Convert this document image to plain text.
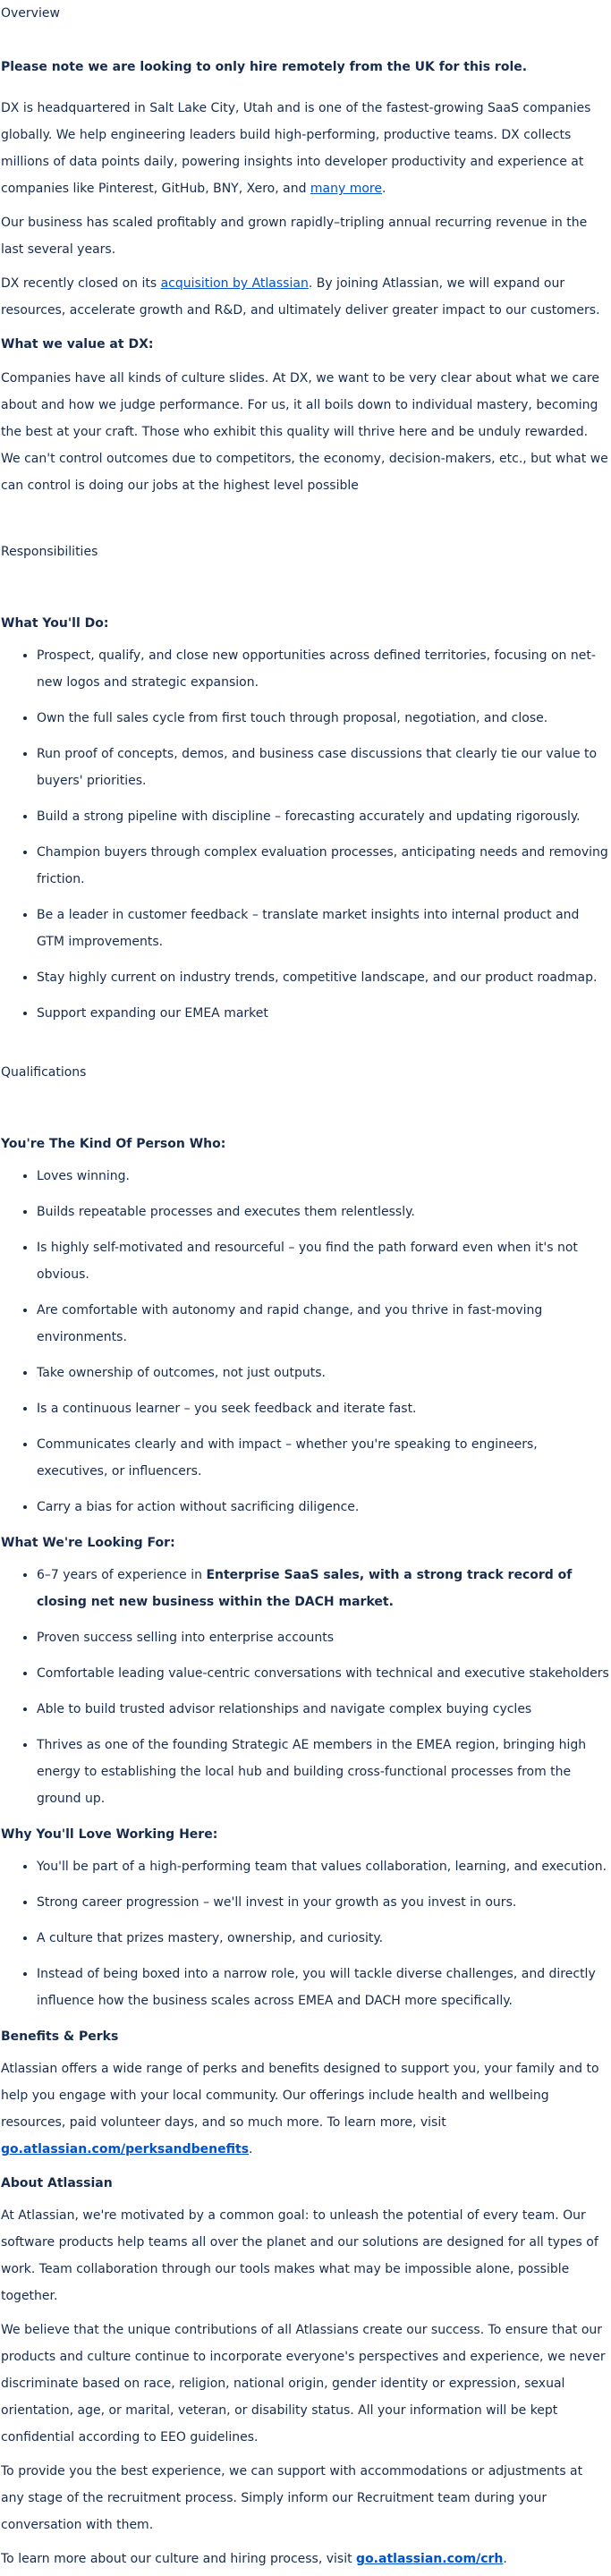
Overview

Please note we are looking to only hire remotely from the UK for this role.

DX is headquartered in Salt Lake City, Utah and is one of the fastest-growing SaaS companies globally. We help engineering leaders build high-performing, productive teams. DX collects millions of data points daily, powering insights into developer productivity and experience at companies like Pinterest, GitHub, BNY, Xero, and many more.

Our business has scaled profitably and grown rapidly–tripling annual recurring revenue in the last several years.

DX recently closed on its acquisition by Atlassian. By joining Atlassian, we will expand our resources, accelerate growth and R&D, and ultimately deliver greater impact to our customers.

What we value at DX:

Companies have all kinds of culture slides. At DX, we want to be very clear about what we care about and how we judge performance. For us, it all boils down to individual mastery, becoming the best at your craft. Those who exhibit this quality will thrive here and be unduly rewarded. We can't control outcomes due to competitors, the economy, decision-makers, etc., but what we can control is doing our jobs at the highest level possible

Responsibilities

What You'll Do:
• Prospect, qualify, and close new opportunities across defined territories, focusing on net-new logos and strategic expansion.
• Own the full sales cycle from first touch through proposal, negotiation, and close.
• Run proof of concepts, demos, and business case discussions that clearly tie our value to buyers' priorities.
• Build a strong pipeline with discipline – forecasting accurately and updating rigorously.
• Champion buyers through complex evaluation processes, anticipating needs and removing friction.
• Be a leader in customer feedback – translate market insights into internal product and GTM improvements.
• Stay highly current on industry trends, competitive landscape, and our product roadmap.
• Support expanding our EMEA market

Qualifications

You're The Kind Of Person Who:
• Loves winning.
• Builds repeatable processes and executes them relentlessly.
• Is highly self-motivated and resourceful – you find the path forward even when it's not obvious.
• Are comfortable with autonomy and rapid change, and you thrive in fast-moving environments.
• Take ownership of outcomes, not just outputs.
• Is a continuous learner – you seek feedback and iterate fast.
• Communicates clearly and with impact – whether you're speaking to engineers, executives, or influencers.
• Carry a bias for action without sacrificing diligence.
What We're Looking For:
• 6–7 years of experience in Enterprise SaaS sales, with a strong track record of closing net new business within the DACH market.
• Proven success selling into enterprise accounts
• Comfortable leading value-centric conversations with technical and executive stakeholders
• Able to build trusted advisor relationships and navigate complex buying cycles
• Thrives as one of the founding Strategic AE members in the EMEA region, bringing high energy to establishing the local hub and building cross-functional processes from the ground up.
Why You'll Love Working Here:
• You'll be part of a high-performing team that values collaboration, learning, and execution.
• Strong career progression – we'll invest in your growth as you invest in ours.
• A culture that prizes mastery, ownership, and curiosity.
• Instead of being boxed into a narrow role, you will tackle diverse challenges, and directly influence how the business scales across EMEA and DACH more specifically.
Benefits & Perks

Atlassian offers a wide range of perks and benefits designed to support you, your family and to help you engage with your local community. Our offerings include health and wellbeing resources, paid volunteer days, and so much more. To learn more, visit go.atlassian.com/perksandbenefits.

About Atlassian

At Atlassian, we're motivated by a common goal: to unleash the potential of every team. Our software products help teams all over the planet and our solutions are designed for all types of work. Team collaboration through our tools makes what may be impossible alone, possible together.

We believe that the unique contributions of all Atlassians create our success. To ensure that our products and culture continue to incorporate everyone's perspectives and experience, we never discriminate based on race, religion, national origin, gender identity or expression, sexual orientation, age, or marital, veteran, or disability status. All your information will be kept confidential according to EEO guidelines.

To provide you the best experience, we can support with accommodations or adjustments at any stage of the recruitment process. Simply inform our Recruitment team during your conversation with them.

To learn more about our culture and hiring process, visit go.atlassian.com/crh.
